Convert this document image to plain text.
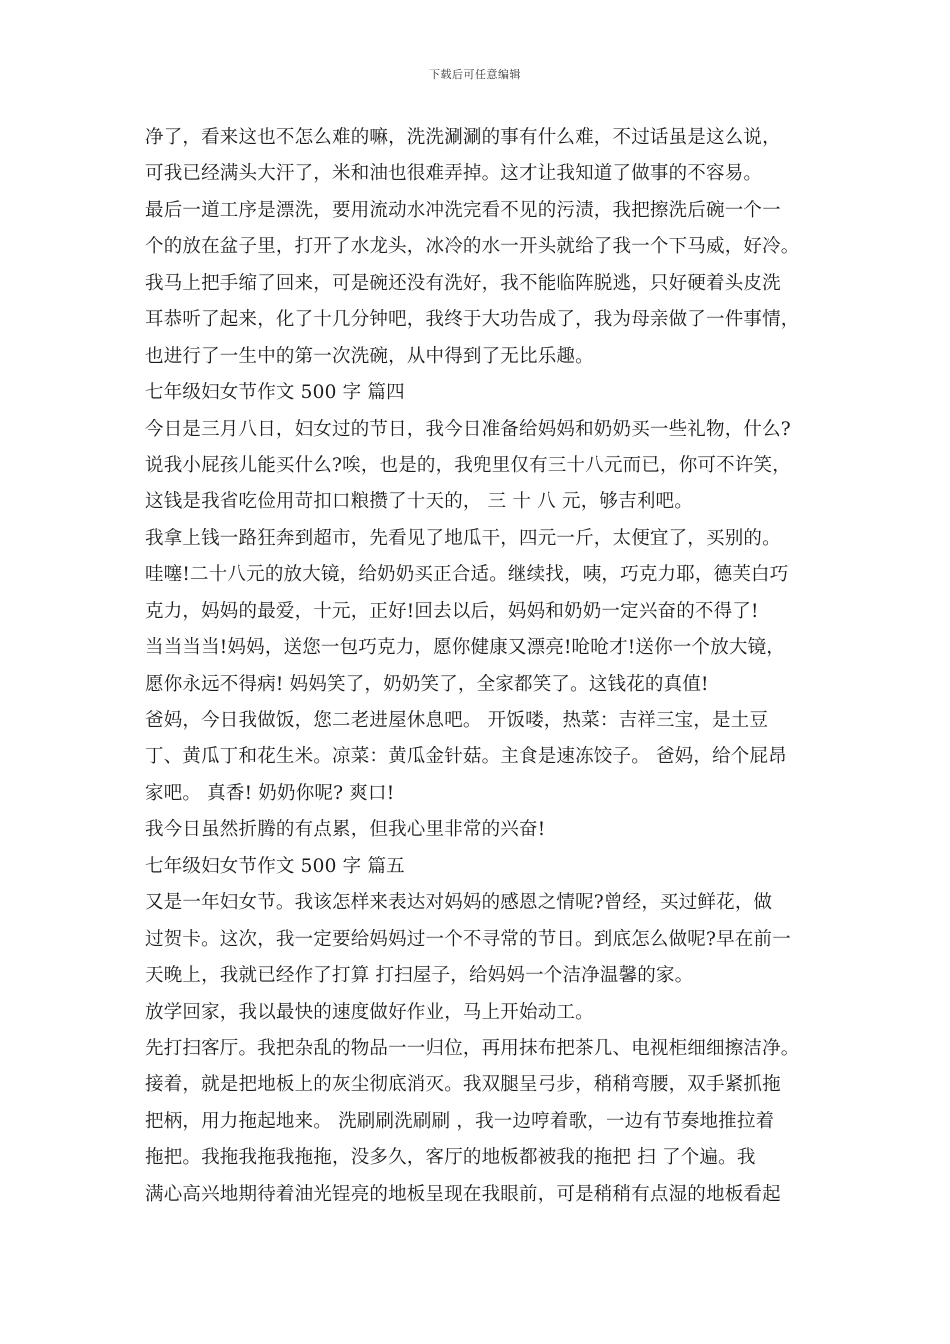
下载后可任意编辑
净了，看来这也不怎么难的嘛，洗洗涮涮的事有什么难，不过话虽是这么说，
可我已经满头大汗了，米和油也很难弄掉。这才让我知道了做事的不容易。
最后一道工序是漂洗，要用流动水冲洗完看不见的污渍，我把擦洗后碗一个一
个的放在盆子里，打开了水龙头，冰冷的水一开头就给了我一个下马威，好冷。
我马上把手缩了回来，可是碗还没有洗好，我不能临阵脱逃，只好硬着头皮洗
耳恭听了起来，化了十几分钟吧，我终于大功告成了，我为母亲做了一件事情，
也进行了一生中的第一次洗碗，从中得到了无比乐趣。
七年级妇女节作文 500 字 篇四
今日是三月八日，妇女过的节日，我今日准备给妈妈和奶奶买一些礼物，什么?
说我小屁孩儿能买什么?唉，也是的，我兜里仅有三十八元而已，你可不许笑，
这钱是我省吃俭用苛扣口粮攒了十天的， 三 十 八 元，够吉利吧。
我拿上钱一路狂奔到超市，先看见了地瓜干，四元一斤，太便宜了，买别的。
哇噻!二十八元的放大镜，给奶奶买正合适。继续找，咦，巧克力耶，德芙白巧
克力，妈妈的最爱，十元，正好!回去以后，妈妈和奶奶一定兴奋的不得了!
当当当当!妈妈，送您一包巧克力，愿你健康又漂亮!呛呛才!送你一个放大镜，
愿你永远不得病! 妈妈笑了，奶奶笑了，全家都笑了。这钱花的真值!
爸妈，今日我做饭，您二老进屋休息吧。 开饭喽，热菜：吉祥三宝，是土豆
丁、黄瓜丁和花生米。凉菜：黄瓜金针菇。主食是速冻饺子。 爸妈，给个屁昂
家吧。 真香! 奶奶你呢? 爽口!
我今日虽然折腾的有点累，但我心里非常的兴奋!
七年级妇女节作文 500 字 篇五
又是一年妇女节。我该怎样来表达对妈妈的感恩之情呢?曾经，买过鲜花，做
过贺卡。这次，我一定要给妈妈过一个不寻常的节日。到底怎么做呢?早在前一
天晚上，我就已经作了打算 打扫屋子，给妈妈一个洁净温馨的家。
放学回家，我以最快的速度做好作业，马上开始动工。
先打扫客厅。我把杂乱的物品一一归位，再用抹布把茶几、电视柜细细擦洁净。
接着，就是把地板上的灰尘彻底消灭。我双腿呈弓步，稍稍弯腰，双手紧抓拖
把柄，用力拖起地来。 洗刷刷洗刷刷 ，我一边哼着歌，一边有节奏地推拉着
拖把。我拖我拖我拖拖，没多久，客厅的地板都被我的拖把 扫 了个遍。我
满心高兴地期待着油光锃亮的地板呈现在我眼前，可是稍稍有点湿的地板看起
